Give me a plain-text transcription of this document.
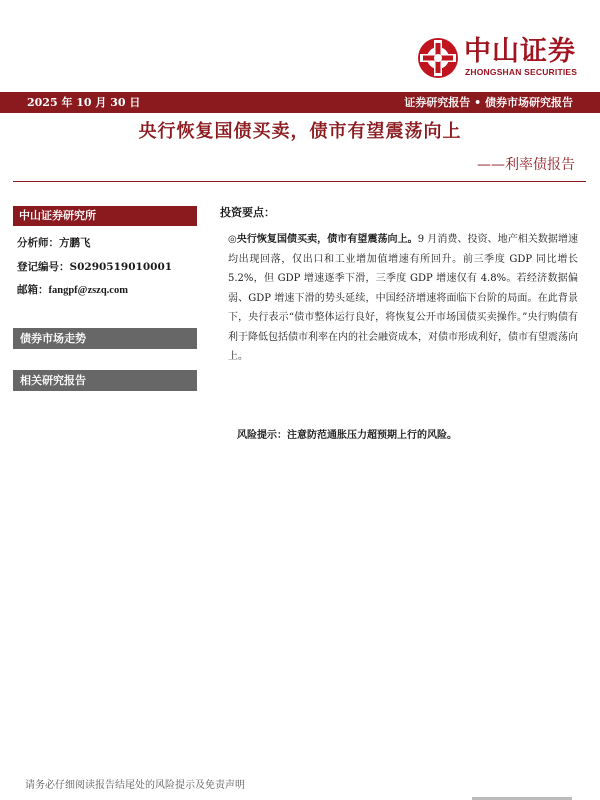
中山证券
ZHONGSHAN SECURITIES
2025 年 10 月 30 日	证券研究报告 • 债券市场研究报告
央行恢复国债买卖，债市有望震荡向上
——利率债报告
中山证券研究所
分析师：方鹏飞
登记编号：S0290519010001
邮箱：fangpf@zszq.com
债券市场走势
相关研究报告
投资要点：
◎央行恢复国债买卖，债市有望震荡向上。9 月消费、投资、地产相关数据增速均出现回落，仅出口和工业增加值增速有所回升。前三季度 GDP 同比增长 5.2%，但 GDP 增速逐季下滑，三季度 GDP 增速仅有 4.8%。若经济数据偏弱、GDP 增速下滑的势头延续，中国经济增速将面临下台阶的局面。在此背景下，央行表示“债市整体运行良好，将恢复公开市场国债买卖操作。”央行购债有利于降低包括债市利率在内的社会融资成本，对债市形成利好，债市有望震荡向上。
风险提示：注意防范通胀压力超预期上行的风险。
请务必仔细阅读报告结尾处的风险提示及免责声明
